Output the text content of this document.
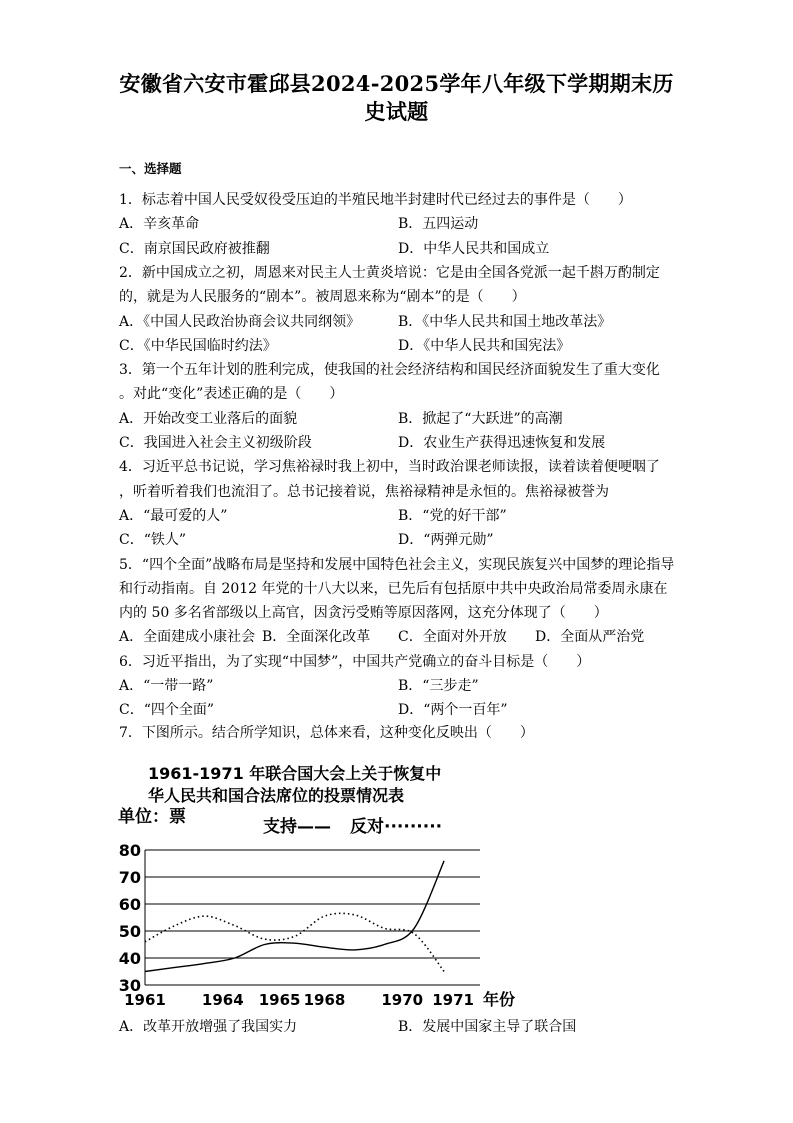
安徽省六安市霍邱县2024-2025学年八年级下学期期末历
史试题
一、选择题
1．标志着中国人民受奴役受压迫的半殖民地半封建时代已经过去的事件是（　　）
A．辛亥革命	B．五四运动
C．南京国民政府被推翻	D．中华人民共和国成立
2．新中国成立之初，周恩来对民主人士黄炎培说：它是由全国各党派一起千斟万酌制定
的，就是为人民服务的“剧本”。被周恩来称为“剧本”的是（　　）
A．《中国人民政治协商会议共同纲领》	B．《中华人民共和国土地改革法》
C．《中华民国临时约法》	D．《中华人民共和国宪法》
3．第一个五年计划的胜利完成，使我国的社会经济结构和国民经济面貌发生了重大变化
。对此“变化”表述正确的是（　　）
A．开始改变工业落后的面貌	B．掀起了“大跃进”的高潮
C．我国进入社会主义初级阶段	D．农业生产获得迅速恢复和发展
4．习近平总书记说，学习焦裕禄时我上初中，当时政治课老师读报，读着读着便哽咽了
，听着听着我们也流泪了。总书记接着说，焦裕禄精神是永恒的。焦裕禄被誉为
A．“最可爱的人”	B．“党的好干部”
C．“铁人”	D．“两弹元勋”
5．“四个全面”战略布局是坚持和发展中国特色社会主义，实现民族复兴中国梦的理论指导
和行动指南。自 2012 年党的十八大以来，已先后有包括原中共中央政治局常委周永康在
内的 50 多名省部级以上高官，因贪污受贿等原因落网，这充分体现了（　　）
A．全面建成小康社会 B．全面深化改革 C．全面对外开放 D．全面从严治党
6．习近平指出，为了实现“中国梦”，中国共产党确立的奋斗目标是（　　）
A．“一带一路”	B．“三步走”
C．“四个全面”	D．“两个一百年”
7．下图所示。结合所学知识，总体来看，这种变化反映出（　　）
A．改革开放增强了我国实力	B．发展中国家主导了联合国
1961-1971 年联合国大会上关于恢复中
华人民共和国合法席位的投票情况表
单位：票	支持—— 反对·········
30
40
50
60
70
80
1961 1964 1965 1968 1970 1971 年份
